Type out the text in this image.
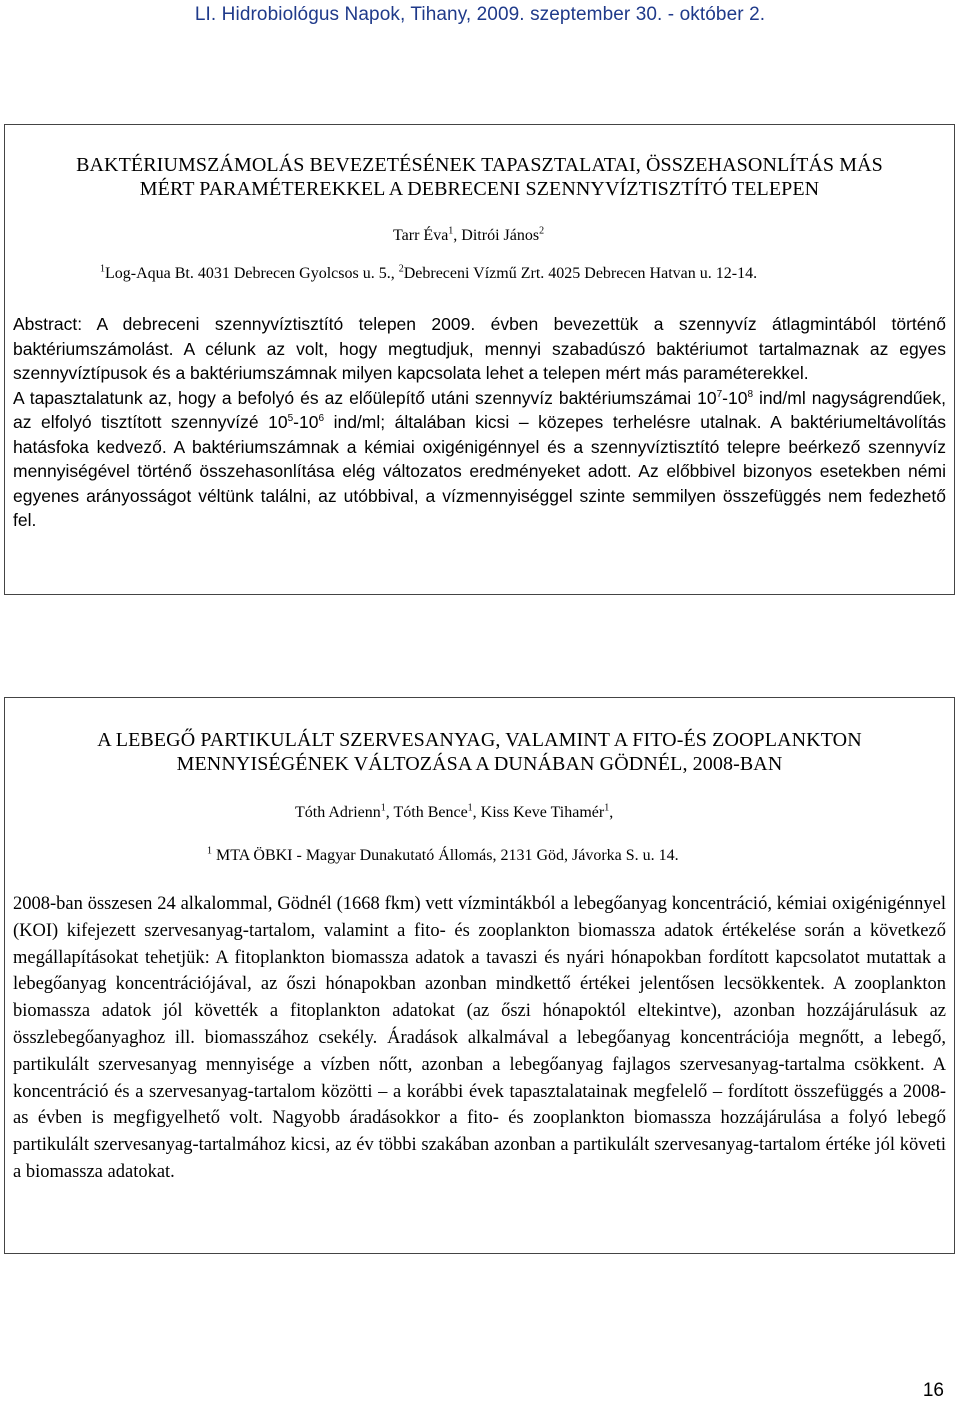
LI. Hidrobiológus Napok, Tihany, 2009. szeptember 30. - október 2.
BAKTÉRIUMSZÁMOLÁS BEVEZETÉSÉNEK TAPASZTALATAI, ÖSSZEHASONLÍTÁS MÁS
MÉRT PARAMÉTEREKKEL A DEBRECENI SZENNYVÍZTISZTÍTÓ TELEPEN
Tarr Éva$^1$, Ditrói János$^2$
$^1$Log-Aqua Bt. 4031 Debrecen Gyolcsos u. 5., $^2$Debreceni Vízmű Zrt. 4025 Debrecen Hatvan u. 12-14.

Abstract: A debreceni szennyvíztisztító telepen 2009. évben bevezettük a szennyvíz átlagmintából történő baktériumszámolást. A célunk az volt, hogy megtudjuk, mennyi szabadúszó baktériumot tartalmaznak az egyes szennyvíztípusok és a baktériumszámnak milyen kapcsolata lehet a telepen mért más paraméterekkel.

A tapasztalatunk az, hogy a befolyó és az előülepítő utáni szennyvíz baktériumszámai $10^7-10^8$ ind/ml nagyságrendűek, az elfolyó tisztított szennyvízé $10^5-10^6$ ind/ml; általában kicsi – közepes terhelésre utalnak. A baktériumeltávolítás hatásfoka kedvező. A baktériumszámnak a kémiai oxigénigénnyel és a szennyvíztisztító telepre beérkező szennyvíz mennyiségével történő összehasonlítása elég változatos eredményeket adott. Az előbbivel bizonyos esetekben némi egyenes arányosságot véltünk találni, az utóbbival, a vízmennyiséggel szinte semmilyen összefüggés nem fedezhető fel.

A LEBEGŐ PARTIKULÁLT SZERVESANYAG, VALAMINT A FITO-ÉS ZOOPLANKTON
MENNYISÉGÉNEK VÁLTOZÁSA A DUNÁBAN GÖDNÉL, 2008-BAN
Tóth Adrienn$^1$, Tóth Bence$^1$, Kiss Keve Tihamér$^1$,
$^1$ MTA ÖBKI - Magyar Dunakutató Állomás, 2131 Göd, Jávorka S. u. 14.

2008-ban összesen 24 alkalommal, Gödnél (1668 fkm) vett vízmintákból a lebegőanyag koncentráció, kémiai oxigénigénnyel (KOI) kifejezett szervesanyag-tartalom, valamint a fito- és zooplankton biomassza adatok értékelése során a következő megállapításokat tehetjük: A fitoplankton biomassza adatok a tavaszi és nyári hónapokban fordított kapcsolatot mutattak a lebegőanyag koncentrációjával, az őszi hónapokban azonban mindkettő értékei jelentősen lecsökkentek. A zooplankton biomassza adatok jól követték a fitoplankton adatokat (az őszi hónapoktól eltekintve), azonban hozzájárulásuk az összlebegőanyaghoz ill. biomasszához csekély. Áradások alkalmával a lebegőanyag koncentrációja megnőtt, a lebegő, partikulált szervesanyag mennyisége a vízben nőtt, azonban a lebegőanyag fajlagos szervesanyag-tartalma csökkent. A koncentráció és a szervesanyag-tartalom közötti – a korábbi évek tapasztalatainak megfelelő – fordított összefüggés a 2008-as évben is megfigyelhető volt. Nagyobb áradásokkor a fito- és zooplankton biomassza hozzájárulása a folyó lebegő partikulált szervesanyag-tartalmához kicsi, az év többi szakában azonban a partikulált szervesanyag-tartalom értéke jól követi a biomassza adatokat.

16
